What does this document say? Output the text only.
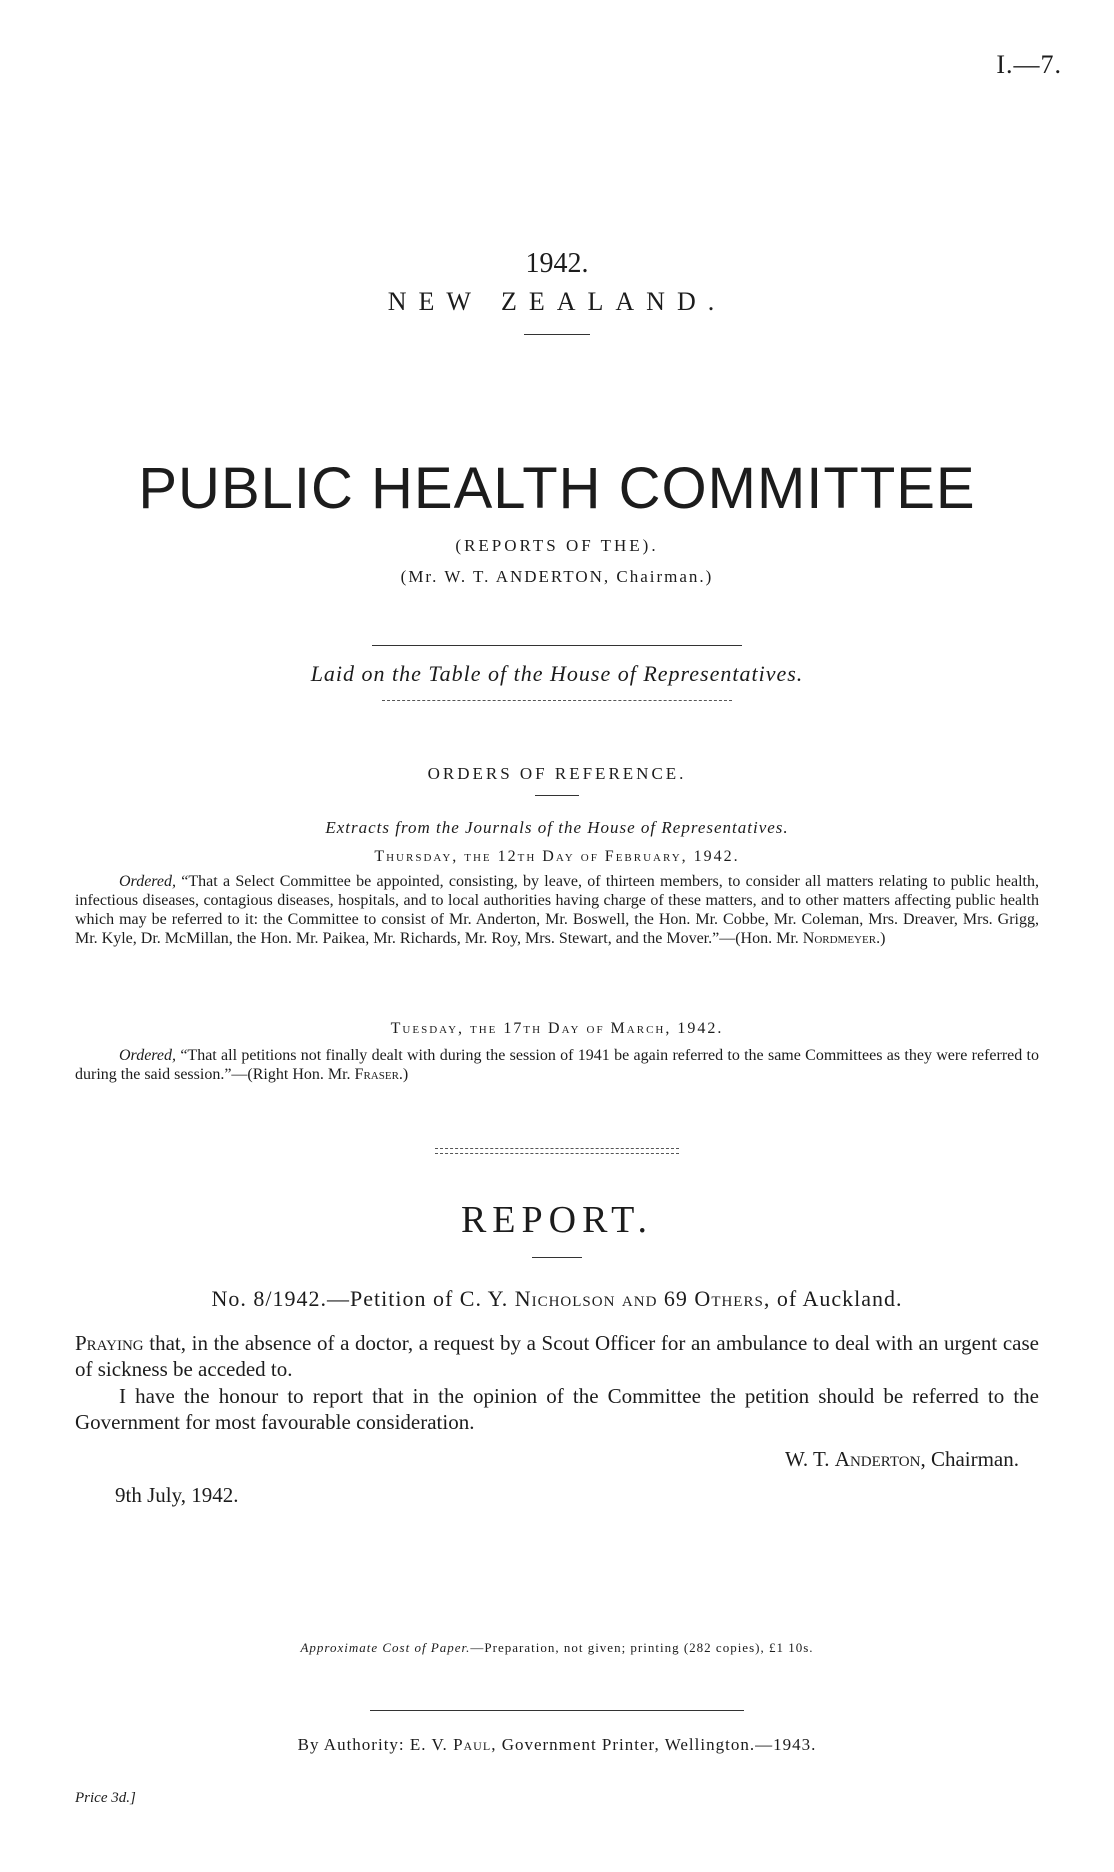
I.—7.
1942.
NEW ZEALAND.
PUBLIC HEALTH COMMITTEE
(REPORTS OF THE).
(Mr. W. T. ANDERTON, Chairman.)
Laid on the Table of the House of Representatives.
ORDERS OF REFERENCE.
Extracts from the Journals of the House of Representatives.
Thursday, the 12th Day of February, 1942.
Ordered, “That a Select Committee be appointed, consisting, by leave, of thirteen members, to consider all matters relating to public health, infectious diseases, contagious diseases, hospitals, and to local authorities having charge of these matters, and to other matters affecting public health which may be referred to it: the Committee to consist of Mr. Anderton, Mr. Boswell, the Hon. Mr. Cobbe, Mr. Coleman, Mrs. Dreaver, Mrs. Grigg, Mr. Kyle, Dr. McMillan, the Hon. Mr. Paikea, Mr. Richards, Mr. Roy, Mrs. Stewart, and the Mover.”—(Hon. Mr. Nordmeyer.)
Tuesday, the 17th Day of March, 1942.
Ordered, “That all petitions not finally dealt with during the session of 1941 be again referred to the same Committees as they were referred to during the said session.”—(Right Hon. Mr. Fraser.)
REPORT.
No. 8/1942.—Petition of C. Y. Nicholson and 69 Others, of Auckland.
Praying that, in the absence of a doctor, a request by a Scout Officer for an ambulance to deal with an urgent case of sickness be acceded to.
I have the honour to report that in the opinion of the Committee the petition should be referred to the Government for most favourable consideration.
W. T. Anderton, Chairman.
9th July, 1942.
Approximate Cost of Paper.—Preparation, not given; printing (282 copies), £1 10s.
By Authority: E. V. Paul, Government Printer, Wellington.—1943.
Price 3d.]
